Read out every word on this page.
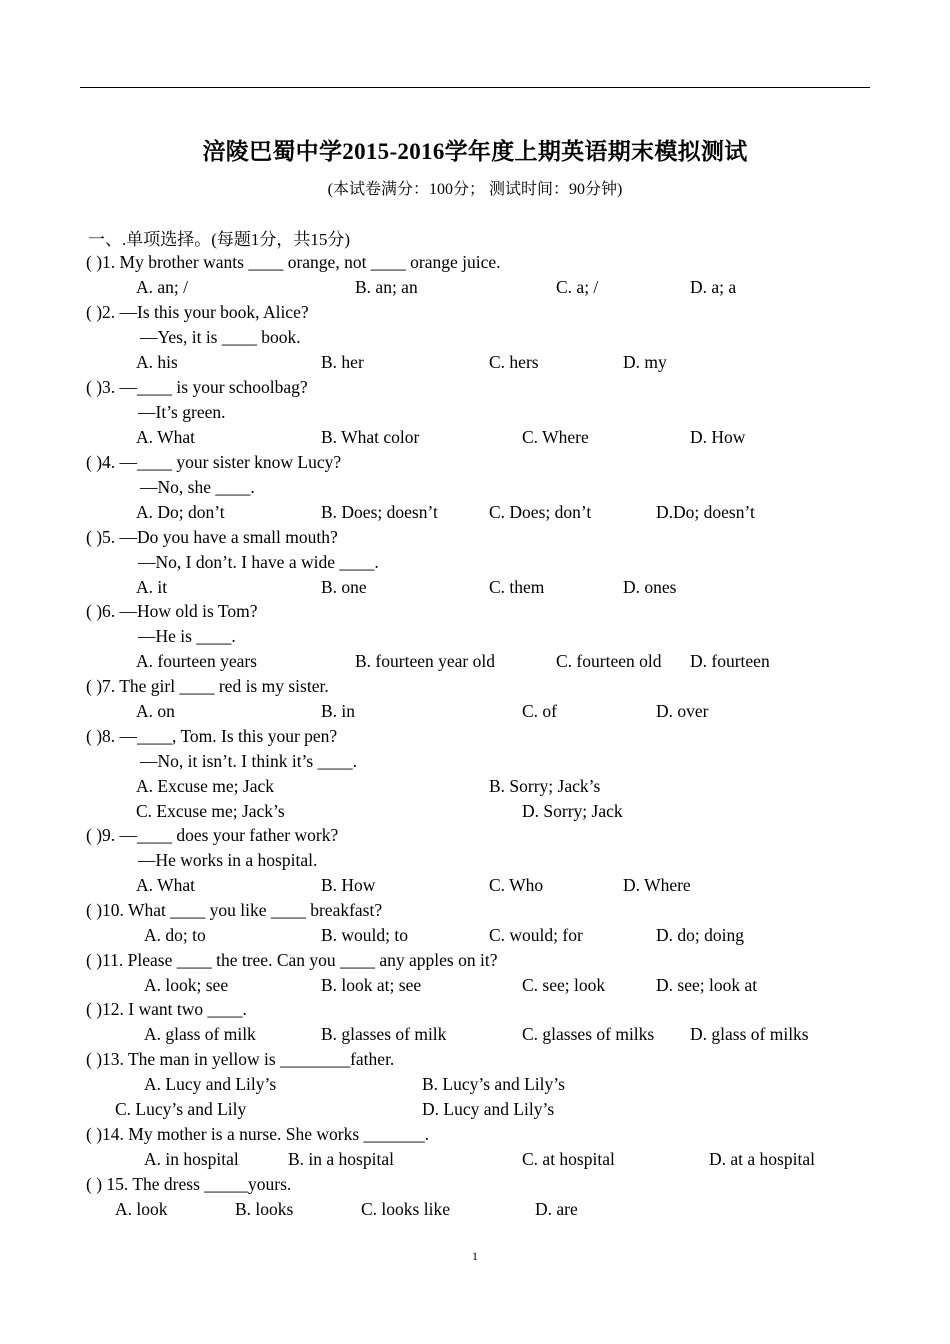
涪陵巴蜀中学2015-2016学年度上期英语期末模拟测试
(本试卷满分：100分； 测试时间：90分钟)
一、.单项选择。(每题1分，共15分)
( )1. My brother wants ____ orange, not ____ orange juice.
A. an; /	B. an; an	C. a; /	D. a; a
( )2. —Is this your book, Alice?
—Yes, it is ____ book.
A. his	B. her	C. hers	D. my
( )3. —____ is your schoolbag?
—It’s green.
A. What	B. What color	C. Where	D. How
( )4. —____ your sister know Lucy?
—No, she ____.
A. Do; don’t	B. Does; doesn’t	C. Does; don’t	D.Do; doesn’t
( )5. —Do you have a small mouth?
—No, I don’t. I have a wide ____.
A. it	B. one	C. them	D. ones
( )6. —How old is Tom?
—He is ____.
A. fourteen years	B. fourteen year old	C. fourteen old D. fourteen
( )7. The girl ____ red is my sister.
A. on	B. in	C. of	D. over
( )8. —____, Tom. Is this your pen?
—No, it isn’t. I think it’s ____.
A. Excuse me; Jack	B. Sorry; Jack’s
C. Excuse me; Jack’s	D. Sorry; Jack
( )9. —____ does your father work?
—He works in a hospital.
A. What	B. How	C. Who	D. Where
( )10. What ____ you like ____ breakfast?
A. do; to	B. would; to	C. would; for	D. do; doing
( )11. Please ____ the tree. Can you ____ any apples on it?
A. look; see	B. look at; see	C. see; look	D. see; look at
( )12. I want two ____.
A. glass of milk	B. glasses of milk	C. glasses of milks D. glass of milks
( )13. The man in yellow is ________father.
A. Lucy and Lily’s	B. Lucy’s and Lily’s
C. Lucy’s and Lily	D. Lucy and Lily’s
( )14. My mother is a nurse. She works _______.
A. in hospital	B. in a hospital	C. at hospital	D. at a hospital
( ) 15. The dress _____yours.
A. look	B. looks	C. looks like	D. are
1
